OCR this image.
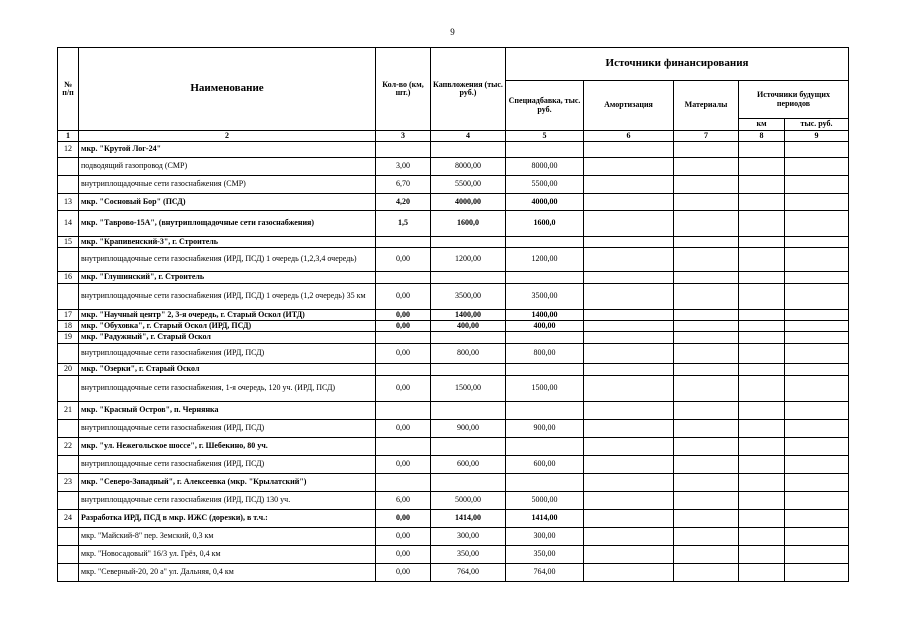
9
№ п/п	Наименование	Кол-во (км, шт.)	Капвложения (тыс. руб.)	Источники финансирования				
				Специадбавка, тыс. руб.	Амортизация	Материалы	Источники будущих периодов	
							км	тыс. руб.
1	2	3	4	5	6	7	8	9
12	мкр. "Крутой Лог-24"							
	подводящий газопровод (СМР)	3,00	8000,00	8000,00				
	внутриплощадочные сети газоснабжения (СМР)	6,70	5500,00	5500,00				
13	мкр. "Сосновый Бор" (ПСД)	4,20	4000,00	4000,00				
14	мкр. "Таврово-15А", (внутриплощадочные сети газоснабжения)	1,5	1600,0	1600,0				
15	мкр. "Крапивенский-3", г. Строитель							
	внутриплощадочные сети газоснабжения (ИРД, ПСД) 1 очередь (1,2,3,4 очередь)	0,00	1200,00	1200,00				
16	мкр. "Глушинский", г. Строитель							
	внутриплощадочные сети газоснабжения (ИРД, ПСД) 1 очередь (1,2 очередь) 35 км	0,00	3500,00	3500,00				
17	мкр. "Научный центр" 2, 3-я очередь, г. Старый Оскол (ИТД)	0,00	1400,00	1400,00				
18	мкр. "Обуховка", г. Старый Оскол (ИРД, ПСД)	0,00	400,00	400,00				
19	мкр. "Радужный", г. Старый Оскол							
	внутриплощадочные сети газоснабжения (ИРД, ПСД)	0,00	800,00	800,00				
20	мкр. "Озерки", г. Старый Оскол							
	внутриплощадочные сети газоснабжения, 1-я очередь, 120 уч. (ИРД, ПСД)	0,00	1500,00	1500,00				
21	мкр. "Красный Остров", п. Чернянка							
	внутриплощадочные сети газоснабжения (ИРД, ПСД)	0,00	900,00	900,00				
22	мкр. "ул. Нежегольское шоссе", г. Шебекино, 80 уч.							
	внутриплощадочные сети газоснабжения (ИРД, ПСД)	0,00	600,00	600,00				
23	мкр. "Северо-Западный", г. Алексеевка (мкр. "Крылатский")							
	внутриплощадочные сети газоснабжения (ИРД, ПСД) 130 уч.	6,00	5000,00	5000,00				
24	Разработка ИРД, ПСД в мкр. ИЖС (дорезки), в т.ч.:	0,00	1414,00	1414,00				
	мкр. "Майский-8" пер. Земский, 0,3 км	0,00	300,00	300,00				
	мкр. "Новосадовый" 16/3 ул. Грёз, 0,4 км	0,00	350,00	350,00				
	мкр. "Северный-20, 20 а" ул. Дальняя, 0,4 км	0,00	764,00	764,00				
